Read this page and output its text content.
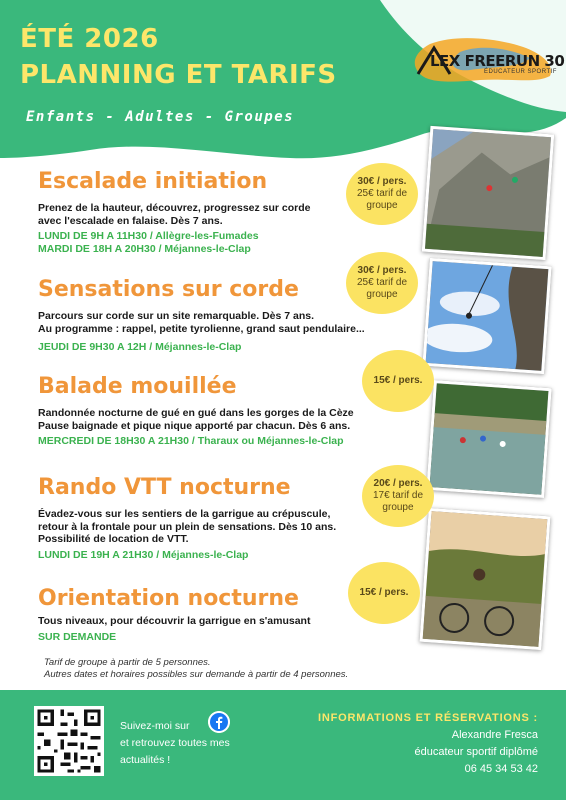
ÉTÉ 2026
PLANNING ET TARIFS
Enfants - Adultes - Groupes
LEX FREERUN 30
ÉDUCATEUR SPORTIF
Escalade initiation
Prenez de la hauteur, découvrez, progressez sur corde
avec l'escalade en falaise. Dès 7 ans.
LUNDI DE 9H A 11H30 / Allègre-les-Fumades
MARDI DE 18H A 20H30 / Méjannes-le-Clap
Sensations sur corde
Parcours sur corde sur un site remarquable. Dès 7 ans.
Au programme : rappel, petite tyrolienne, grand saut pendulaire...
JEUDI DE 9H30 A 12H / Méjannes-le-Clap
Balade mouillée
Randonnée nocturne de gué en gué dans les gorges de la Cèze
Pause baignade et pique nique apporté par chacun. Dès 6 ans.
MERCREDI DE 18H30 A 21H30 / Tharaux ou Méjannes-le-Clap
Rando VTT nocturne
Évadez-vous sur les sentiers de la garrigue au crépuscule,
retour à la frontale pour un plein de sensations. Dès 10 ans.
Possibilité de location de VTT.
LUNDI DE 19H A 21H30 / Méjannes-le-Clap
Orientation nocturne
Tous niveaux, pour découvrir la garrigue en s'amusant
SUR DEMANDE
30€ / pers.
25€ tarif de
groupe
30€ / pers.
25€ tarif de
groupe
15€ / pers.
20€ / pers.
17€ tarif de
groupe
15€ / pers.
Tarif de groupe à partir de 5 personnes.
Autres dates et horaires possibles sur demande à partir de 4 personnes.
Suivez-moi sur
et retrouvez toutes mes
actualités !
INFORMATIONS ET RÉSERVATIONS :
Alexandre Fresca
éducateur sportif diplômé
06 45 34 53 42
